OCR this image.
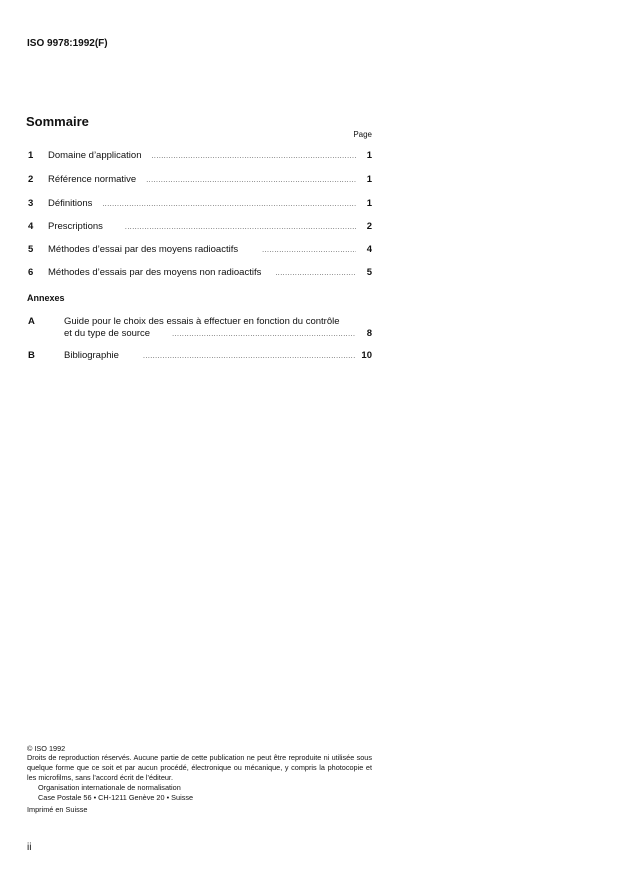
ISO 9978:1992(F)
Sommaire
Page
1	Domaine d’application .....	1
2	Référence normative .....	1
3	Définitions .....	1
4	Prescriptions .....	2
5	Méthodes d’essai par des moyens radioactifs .....	4
6	Méthodes d’essais par des moyens non radioactifs .....	5
Annexes
A	Guide pour le choix des essais à effectuer en fonction du contrôle
et du type de source .....	8
B	Bibliographie .....	10
© ISO 1992
Droits de reproduction réservés. Aucune partie de cette publication ne peut être reproduite ni utilisée sous quelque forme que ce soit et par aucun procédé, électronique ou mécanique, y compris la photocopie et les microfilms, sans l’accord écrit de l’éditeur.
Organisation internationale de normalisation
Case Postale 56 • CH-1211 Genève 20 • Suisse
Imprimé en Suisse
ii
